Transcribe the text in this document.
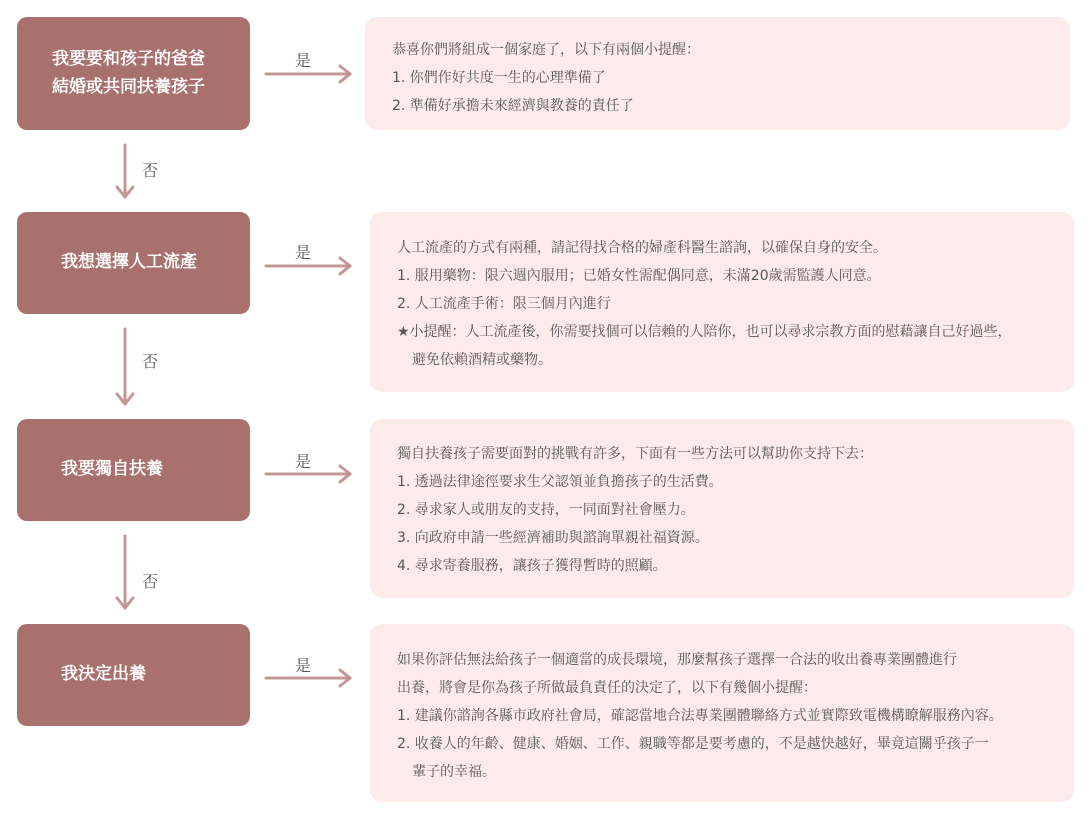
我要要和孩子的爸爸
結婚或共同扶養孩子
是
恭喜你們將組成一個家庭了，以下有兩個小提醒：
1. 你們作好共度一生的心理準備了
2. 準備好承擔未來經濟與教養的責任了
否
我想選擇人工流產	是	人工流產的方式有兩種，請記得找合格的婦產科醫生諮詢，以確保自身的安全。
1. 服用藥物：限六週內服用；已婚女性需配偶同意，未滿20歲需監護人同意。
2. 人工流產手術：限三個月內進行
★小提醒：人工流產後，你需要找個可以信賴的人陪你，也可以尋求宗教方面的慰藉讓自己好過些，
避免依賴酒精或藥物。
否
我要獨自扶養	是	獨自扶養孩子需要面對的挑戰有許多，下面有一些方法可以幫助你支持下去：
1. 透過法律途徑要求生父認領並負擔孩子的生活費。
2. 尋求家人或朋友的支持，一同面對社會壓力。
3. 向政府申請一些經濟補助與諮詢單親社福資源。
4. 尋求寄養服務，讓孩子獲得暫時的照顧。
否
我決定出養	是	如果你評估無法給孩子一個適當的成長環境，那麼幫孩子選擇一合法的收出養專業團體進行
出養，將會是你為孩子所做最負責任的決定了，以下有幾個小提醒：
1. 建議你諮詢各縣市政府社會局，確認當地合法專業團體聯絡方式並實際致電機構瞭解服務內容。
2. 收養人的年齡、健康、婚姻、工作、親職等都是要考慮的，不是越快越好，畢竟這關乎孩子一
輩子的幸福。
